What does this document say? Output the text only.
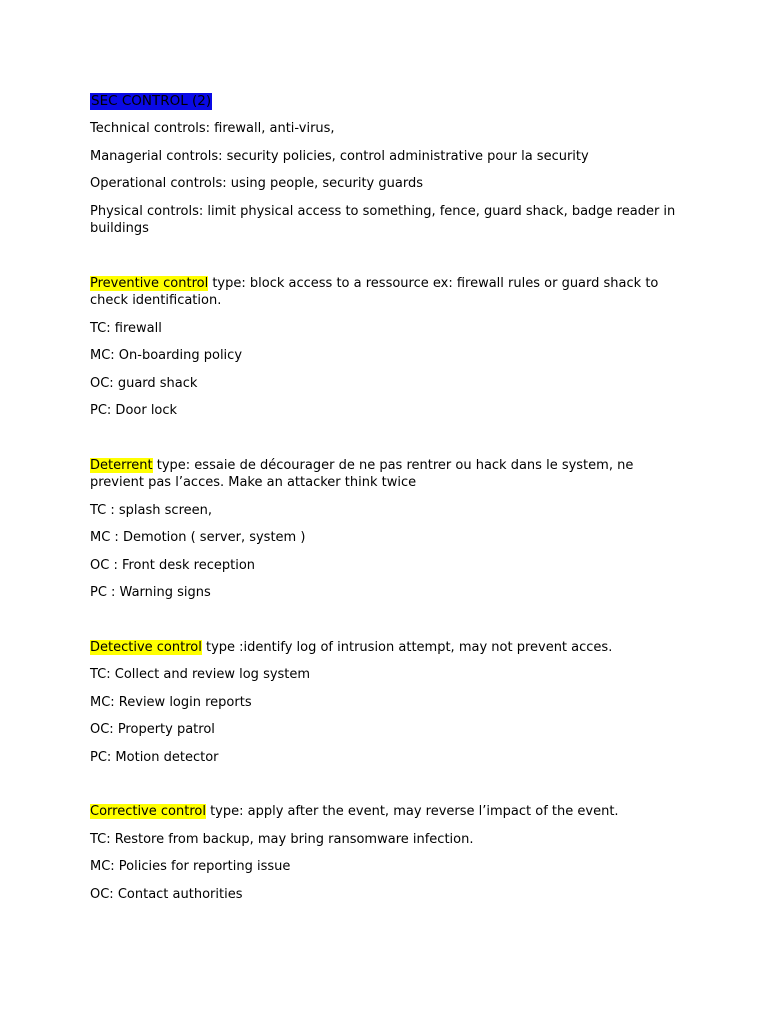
SEC CONTROL (2)

Technical controls: firewall, anti-virus,

Managerial controls: security policies, control administrative pour la security

Operational controls: using people, security guards

Physical controls: limit physical access to something, fence, guard shack, badge reader in buildings

Preventive control type: block access to a ressource ex: firewall rules or guard shack to check identification.

TC: firewall

MC: On-boarding policy

OC: guard shack

PC: Door lock

Deterrent type: essaie de décourager de ne pas rentrer ou hack dans le system, ne previent pas l’acces. Make an attacker think twice

TC : splash screen,

MC : Demotion ( server, system )

OC : Front desk reception

PC : Warning signs

Detective control type :identify log of intrusion attempt, may not prevent acces.

TC: Collect and review log system

MC: Review login reports

OC: Property patrol

PC: Motion detector

Corrective control type: apply after the event, may reverse l’impact of the event.

TC: Restore from backup, may bring ransomware infection.

MC: Policies for reporting issue

OC: Contact authorities
